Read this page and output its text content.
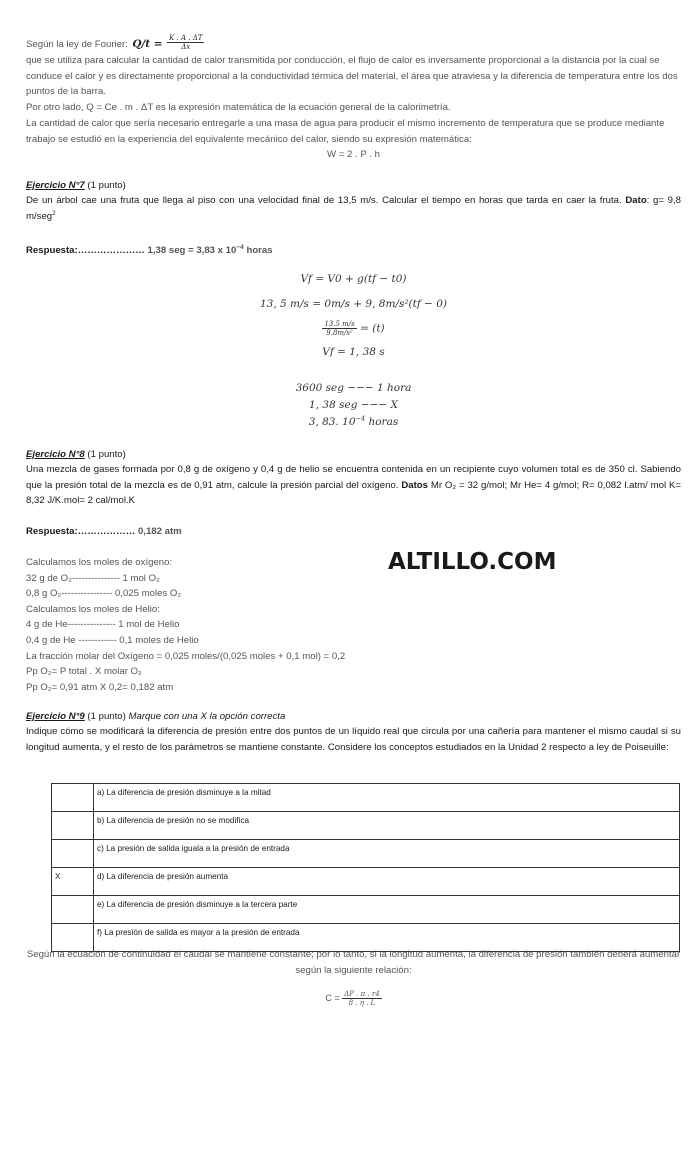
Según la ley de Fourier: $Q/t = \frac{K . A . \Delta T}{\Delta x}$

que se utiliza para calcular la cantidad de calor transmitida por conducción, el flujo de calor es inversamente proporcional a la distancia por la cual se conduce el calor y es directamente proporcional a la conductividad térmica del material, el área que atraviesa y la diferencia de temperatura entre los dos puntos de la barra.

Por otro lado, Q = Ce . m . ΔT es la expresión matemática de la ecuación general de la calorimetría.

La cantidad de calor que sería necesario entregarle a una masa de agua para producir el mismo incremento de temperatura que se produce mediante trabajo se estudió en la experiencia del equivalente mecánico del calor, siendo su expresión matemática:

W = 2 . P . h

Ejercicio N°7 (1 punto)

De un árbol cae una fruta que llega al piso con una velocidad final de 13,5 m/s. Calcular el tiempo en horas que tarda en caer la fruta. Dato: g= 9,8 m/seg$^2$

Respuesta:………………… 1,38 seg = 3,83 x $10^{-4}$ horas

Vf = V0 + g(tf − t0)
13, 5 m/s = 0m/s + 9, 8m/s²(tf − 0)
$\frac{13.5 m/s}{\text{9.8m/s²}} = (t)$
Vf = 1, 38 s
3600 seg −−− 1 hora
1, 38 seg −−− X
3, 83. $10^{-4}$ horas

Ejercicio N°8 (1 punto)

Una mezcla de gases formada por 0,8 g de oxígeno y 0,4 g de helio se encuentra contenida en un recipiente cuyo volumen total es de 350 cl. Sabiendo que la presión total de la mezcla es de 0,91 atm, calcule la presión parcial del oxígeno. Datos Mr O₂ = 32 g/mol; Mr He= 4 g/mol; R= 0,082 l.atm/ mol K= 8,32 J/K.mol= 2 cal/mol.K

Respuesta:……………… 0,182 atm

Calculamos los moles de oxígeno:

32 g de O₂--------------- 1 mol O₂

0,8 g O₂---------------- 0,025 moles O₂

Calculamos los moles de Helio:

4 g de He--------------- 1 mol de Helio

0,4 g de He ------------ 0,1 moles de Helio

La fracción molar del Oxígeno = 0,025 moles/(0,025 moles + 0,1 mol) = 0,2

Pp O₂= P total . X molar O₂

Pp O₂= 0,91 atm X 0,2= 0,182 atm

ALTILLO.COM

Ejercicio N°9 (1 punto) Marque con una X la opción correcta

Indique cómo se modificará la diferencia de presión entre dos puntos de un líquido real que circula por una cañería para mantener el mismo caudal si su longitud aumenta, y el resto de los parámetros se mantiene constante. Considere los conceptos estudiados en la Unidad 2 respecto a ley de Poiseuille:

	a) La diferencia de presión disminuye a la mitad
	b) La diferencia de presión no se modifica
	c) La presión de salida iguala a la presión de entrada
X	d) La diferencia de presión aumenta
	e) La diferencia de presión disminuye a la tercera parte
	f) La presión de salida es mayor a la presión de entrada

Según la ecuación de continuidad el caudal se mantiene constante; por lo tanto, si la longitud aumenta, la diferencia de presión también deberá aumentar según la siguiente relación:

$C = \frac{\Delta P . \pi . r4}{8 . \eta . L}$
